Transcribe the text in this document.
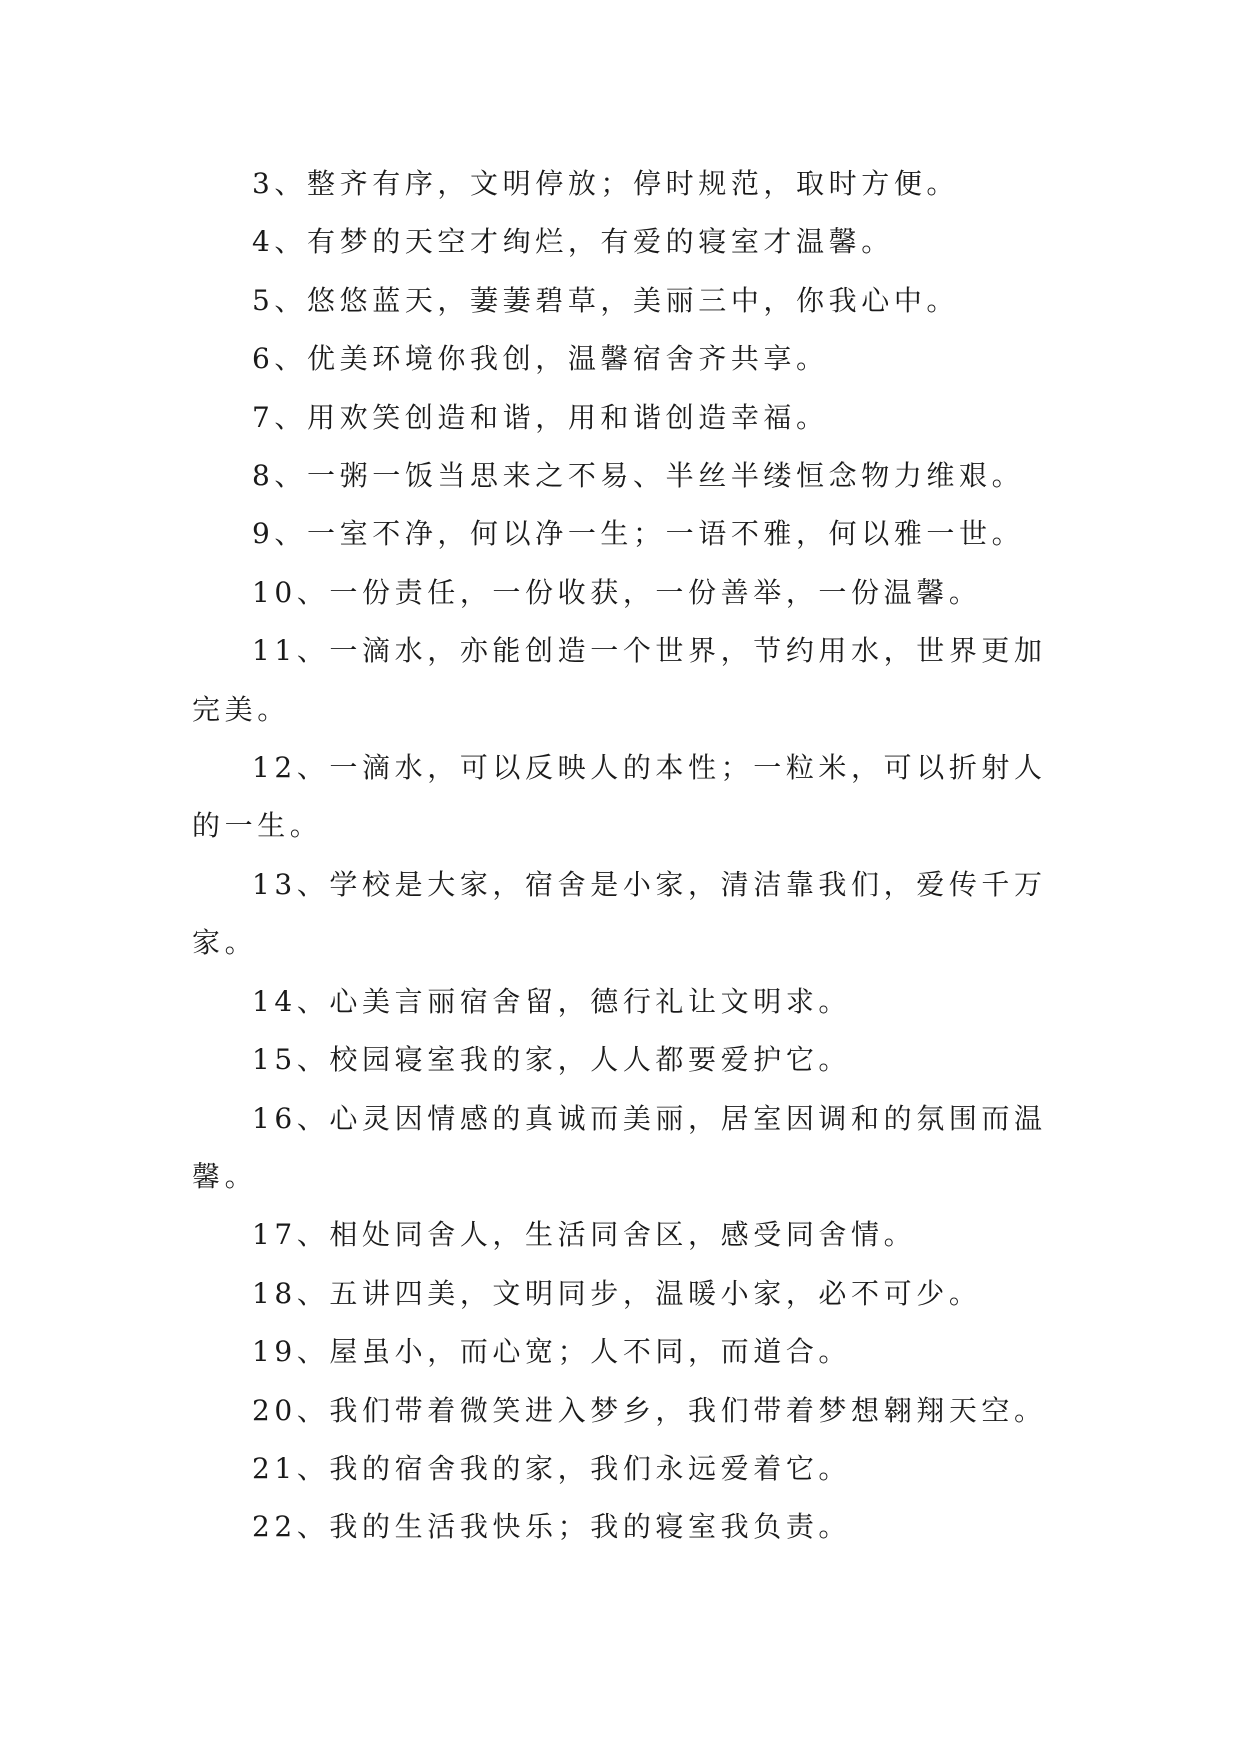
3、整齐有序，文明停放；停时规范，取时方便。

4、有梦的天空才绚烂，有爱的寝室才温馨。

5、悠悠蓝天，萋萋碧草，美丽三中，你我心中。

6、优美环境你我创，温馨宿舍齐共享。

7、用欢笑创造和谐，用和谐创造幸福。

8、一粥一饭当思来之不易、半丝半缕恒念物力维艰。

9、一室不净，何以净一生；一语不雅，何以雅一世。

10、一份责任，一份收获，一份善举，一份温馨。

11、一滴水，亦能创造一个世界，节约用水，世界更加
完美。

12、一滴水，可以反映人的本性；一粒米，可以折射人
的一生。

13、学校是大家，宿舍是小家，清洁靠我们，爱传千万
家。

14、心美言丽宿舍留，德行礼让文明求。

15、校园寝室我的家，人人都要爱护它。

16、心灵因情感的真诚而美丽，居室因调和的氛围而温
馨。

17、相处同舍人，生活同舍区，感受同舍情。

18、五讲四美，文明同步，温暖小家，必不可少。

19、屋虽小，而心宽；人不同，而道合。

20、我们带着微笑进入梦乡，我们带着梦想翱翔天空。

21、我的宿舍我的家，我们永远爱着它。

22、我的生活我快乐；我的寝室我负责。
